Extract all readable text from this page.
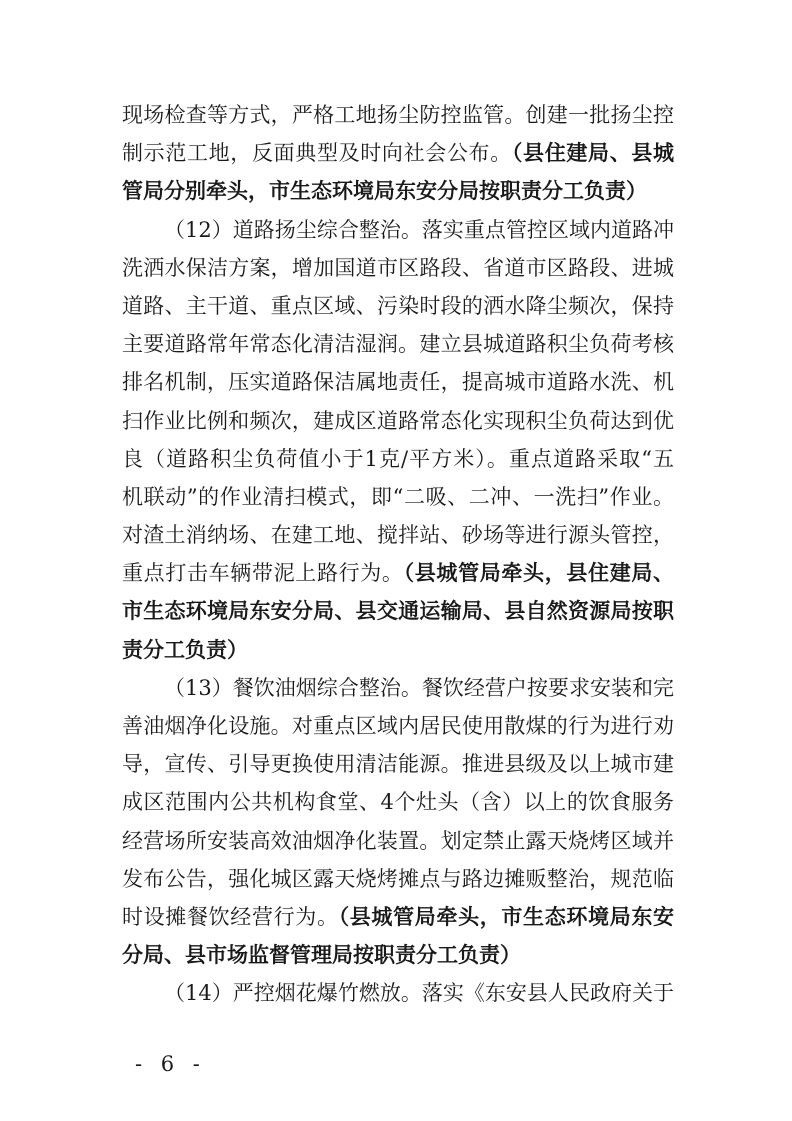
现场检查等方式，严格工地扬尘防控监管。创建一批扬尘控
制示范工地，反面典型及时向社会公布。（县住建局、县城
管局分别牵头，市生态环境局东安分局按职责分工负责）
（12）道路扬尘综合整治。落实重点管控区域内道路冲
洗洒水保洁方案，增加国道市区路段、省道市区路段、进城
道路、主干道、重点区域、污染时段的洒水降尘频次，保持
主要道路常年常态化清洁湿润。建立县城道路积尘负荷考核
排名机制，压实道路保洁属地责任，提高城市道路水洗、机
扫作业比例和频次，建成区道路常态化实现积尘负荷达到优
良（道路积尘负荷值小于1克/平方米）。重点道路采取“五
机联动”的作业清扫模式，即“二吸、二冲、一洗扫”作业。
对渣土消纳场、在建工地、搅拌站、砂场等进行源头管控，
重点打击车辆带泥上路行为。（县城管局牵头，县住建局、
市生态环境局东安分局、县交通运输局、县自然资源局按职
责分工负责）
（13）餐饮油烟综合整治。餐饮经营户按要求安装和完
善油烟净化设施。对重点区域内居民使用散煤的行为进行劝
导，宣传、引导更换使用清洁能源。推进县级及以上城市建
成区范围内公共机构食堂、4个灶头（含）以上的饮食服务
经营场所安装高效油烟净化装置。划定禁止露天烧烤区域并
发布公告，强化城区露天烧烤摊点与路边摊贩整治，规范临
时设摊餐饮经营行为。（县城管局牵头，市生态环境局东安
分局、县市场监督管理局按职责分工负责）
（14）严控烟花爆竹燃放。落实《东安县人民政府关于
- 6 -
